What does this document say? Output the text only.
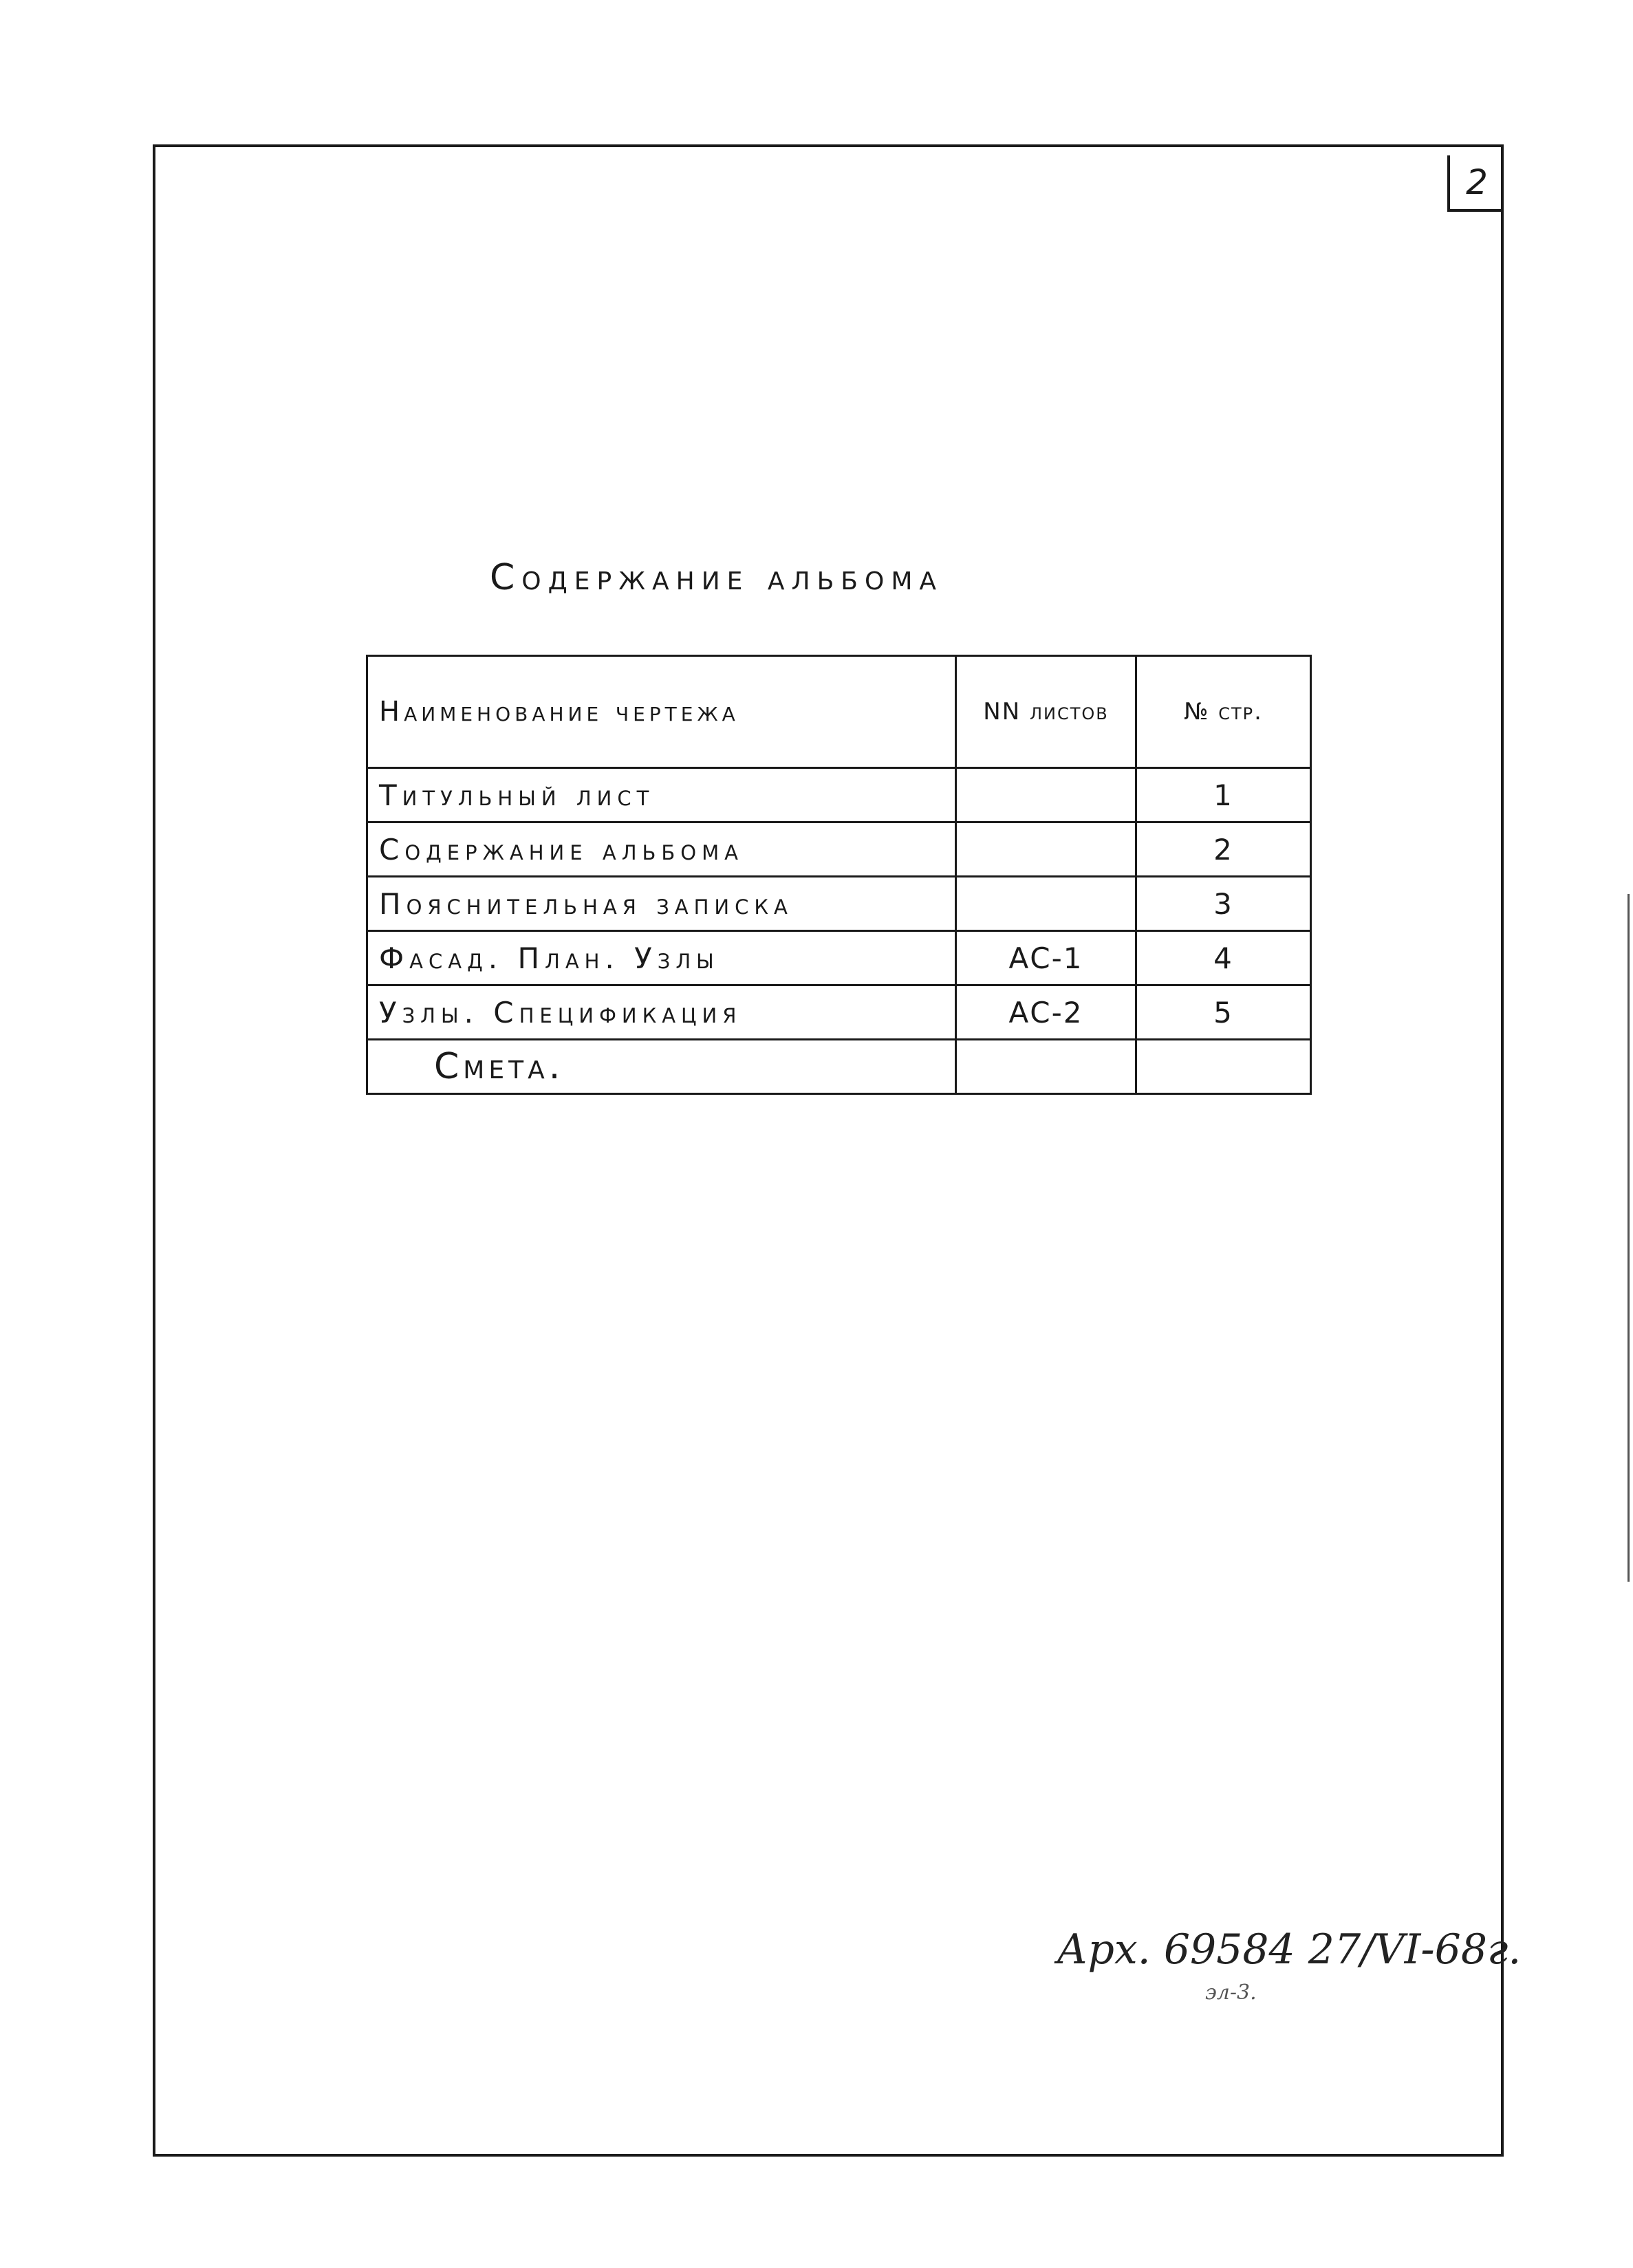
2
Содержание альбома
Наименование чертежа	NN листов	№ стр.
Титульный лист		1
Содержание альбома		2
Пояснительная записка		3
Фасад. План. Узлы	АС-1	4
Узлы. Спецификация	АС-2	5
Смета.		
Арх. 69584 27/VI-68г.
эл-3.
